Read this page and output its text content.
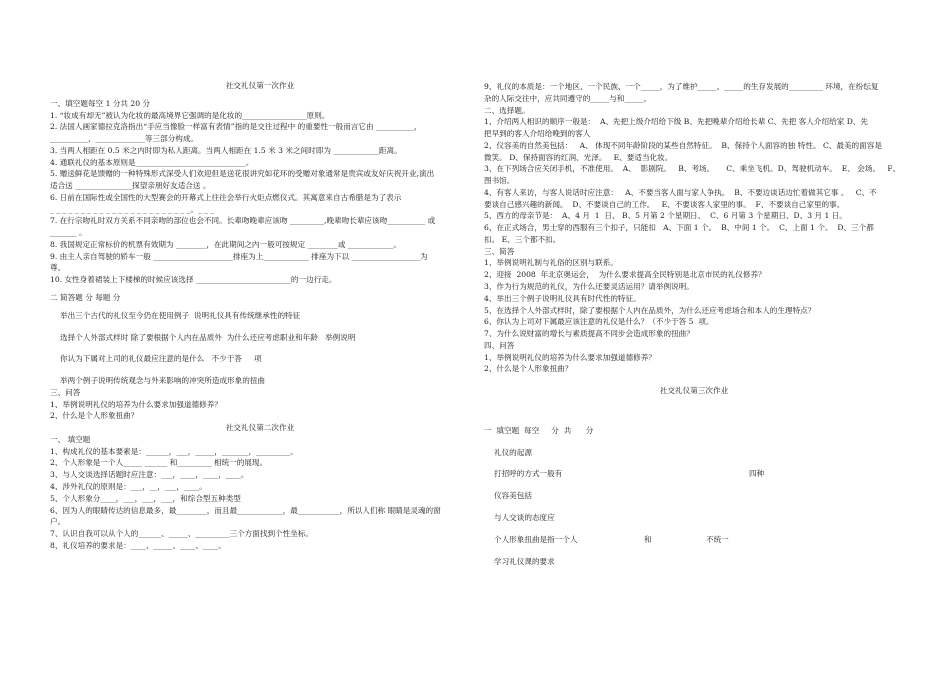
社交礼仪第一次作业

一、填空题每空 1 分共 20 分

1. “妆成有却无”被认为化妆的最高境界它强调的是化妆的_________________原则。

2. 法国人画家德拉克洛指出“手应当像脸一样富有表情”指的是交往过程中 的重要性一般而言它由 __________，

__________，_____________等三部分构成。

3. 当两人相距在 0.5 米之内时即为私人距离。当两人相距在 1.5 米 3 米之间时即为 ____________距离。

4. 通联礼仪的基本原则是_____________________________。

5. 赠送鲜花是馈赠的一种特殊形式深受人们欢迎但是送花很讲究如花环的受赠对象通常是贵宾或友好庆祝开业,演出

适合送 _______________探望亲朋好友适合送 。

6. 日前在国际性或全国性的大型赛会的开幕式上往往会举行火炬点燃仪式。其寓意来自古希腊是为了表示

_ _ _ _ _ _ _ _ _ _ _ _ _ _ _ _ _ _ _ _ _ _ _。_ _ _

7. 在行宗吻礼时双方关系不同亲吻的部位也会不同。长辈吻晚辈应该吻 _________,晚辈吻长辈应该吻__________ 或

_______ 。

8. 我国规定正常标价的机票有效期为 ________，在此期间之内一般可按规定 ________或 ____________。

9. 由主人亲自驾驶的轿车一般 _____________________排座为上____________ 排座为下以 __________________为

尊。

10. 女性身着裙装上下楼梯的时候应该选择 _________________________的一边行走。

二 简答题 分 每题 分

举出三个古代的礼仪至今仍在使用例子  说明礼仪具有传统继承性的特征

选择个人外部式样时 除了要根据个人内在品质外  为什么还应考虑职业和年龄   举例说明

你认为下属对上司的礼仪最应注意的是什么   不少于答     项

举两个例子说明传统观念与外来影响的冲突所造成形象的扭曲

三、问答

1、举例说明礼仪的培养为什么要求加强道德修养？

2、什么是个人形象扭曲？

社交礼仪第二次作业

一、 填空题

1、构成礼仪的基本要素是：______，___，_____，_______，_________。

2、个人形象是一个人_____ ______ 和_________ 相统一的展现。

3、与人交谈选择话题时应注意：___，____，____，____。

4、涉外礼仪的原则是：___，__，___，____。

5、个人形象分____，___，___，___，和综合型五种类型

6、因为人的眼睛传达的信息最多，最________，而且最____________，最___________，所以人们称 眼睛是灵魂的窗

户。

7、认识自我可以从个人的______、_____、_________三个方面找到个性坐标。

8、礼仪培养的要求是：____、_____、____、____。

9、礼仪的本质是：一个地区、一个民族、一个_____，为了维护_____、_____的生存发展的_________ 环境，在纷纭复

杂的人际交往中，应共同遵守的_____与和_____。

二、选择题。

1、介绍两人相识的顺序一般是：  A、先把上级介绍给下级 B、先把晚辈介绍给长辈 C、先把 客人介绍给家 D、先

把早到的客人介绍给晚到的客人

2、仪容美的自然美包括：   A、 体现不同年龄阶段的某些自然特征。  B、保持个人面容的独 特性。 C、最美的面容是

微笑。 D、保持面容的红润、光泽。   E、要适当化妆。

3、在下列场合应关闭手机，不准使用。  A、  影剧院。   B、考场。     C、乘坐飞机。D、驾驶机动车。  E、 会场。   F、

图书馆。

4、有客人来访，与客人说话时应注意：   A、不要当客人面与家人争执。  B、不要边谈话边忙着做其它事 。   C、不

要谈自己感兴趣的新闻。  D、不要谈自己的工作。   E、不要谈客人家里的事。  F、不要谈自己家里的事。

5、西方的母亲节是：  A、4 月  1  日、 B、5 月第 2 个星期日、  C、6 月第 3 个星期日、D、3 月 1 日。

6、在正式场合，男士穿的西服有三个扣子，只能扣   A、下面 1 个。  B、中间 1 个。  C、上面 1 个。  D、三个都

扣。 E、三个都不扣。

三、简答

1、举例说明礼制与礼俗的区别与联系。

2、迎接  2008  年北京奥运会，  为什么要求提高全民特别是北京市民的礼仪修养？

3、作为行为规范的礼仪，为什么还要灵活运用？请举例说明。

4、举出三个例子说明礼仪具有时代性的特征。

5、在选择个人外部式样时，除了要根据个人内在品质外，为什么还应考虑场合和本人的生理特点？

6、你认为上司对下属最应该注意的礼仪是什么？（不少于答 5  项。

7、为什么说财富的增长与素质提高不同步会造成形象的扭曲？

四、问答

1、举例说明礼仪的培养为什么要求加强道德修养？

2、什么是个人形象扭曲？

社交礼仪第三次作业

一  填空题  每空     分  共      分

礼仪的起源

打招呼的方式一般有	四种

仪容美包括

与人交谈的态度应

个人形象扭曲是指一个人	和	不统一

学习礼仪课的要求
